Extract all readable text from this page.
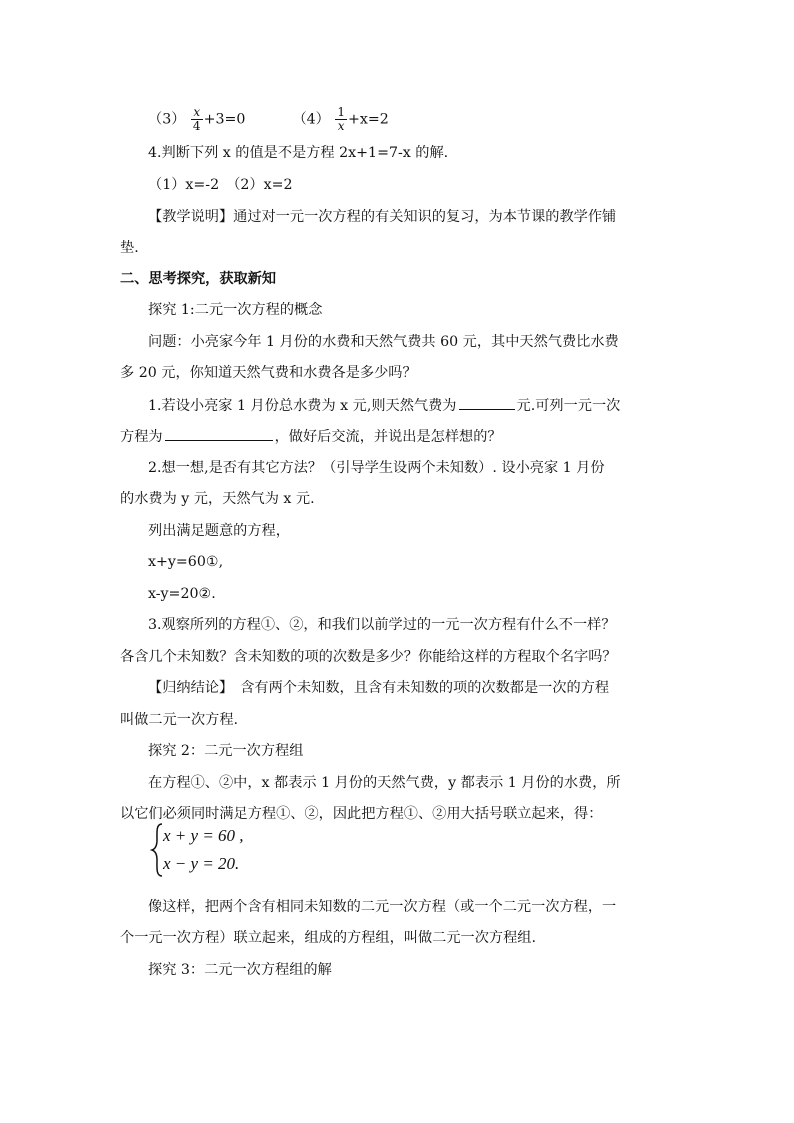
$(3) \frac{x}{4} +3=0$	$(4) \frac{1}{x} +x=2$
4.判断下列 x 的值是不是方程 2x+1=7-x 的解.
（1）x=-2　（2）x=2
【教学说明】通过对一元一次方程的有关知识的复习，为本节课的教学作铺
垫.
二、思考探究，获取新知
探究 1:二元一次方程的概念
问题：小亮家今年 1 月份的水费和天然气费共 60 元，其中天然气费比水费
多 20 元，你知道天然气费和水费各是多少吗？
1.若设小亮家 1 月份总水费为 x 元,则天然气费为	元.可列一元一次
方程为	，做好后交流，并说出是怎样想的？
2.想一想,是否有其它方法？（引导学生设两个未知数）. 设小亮家 1 月份
的水费为 y 元，天然气为 x 元.
列出满足题意的方程，
x+y=60①,
x-y=20②.
3.观察所列的方程①、②，和我们以前学过的一元一次方程有什么不一样？
各含几个未知数？含未知数的项的次数是多少？你能给这样的方程取个名字吗？
【归纳结论】　含有两个未知数，且含有未知数的项的次数都是一次的方程
叫做二元一次方程.
探究 2：二元一次方程组
在方程①、②中，x 都表示 1 月份的天然气费，y 都表示 1 月份的水费，所
以它们必须同时满足方程①、②，因此把方程①、②用大括号联立起来，得：
x + y = 60 ,
x − y = 20.
像这样，把两个含有相同未知数的二元一次方程（或一个二元一次方程，一
个一元一次方程）联立起来，组成的方程组，叫做二元一次方程组.
探究 3：二元一次方程组的解
